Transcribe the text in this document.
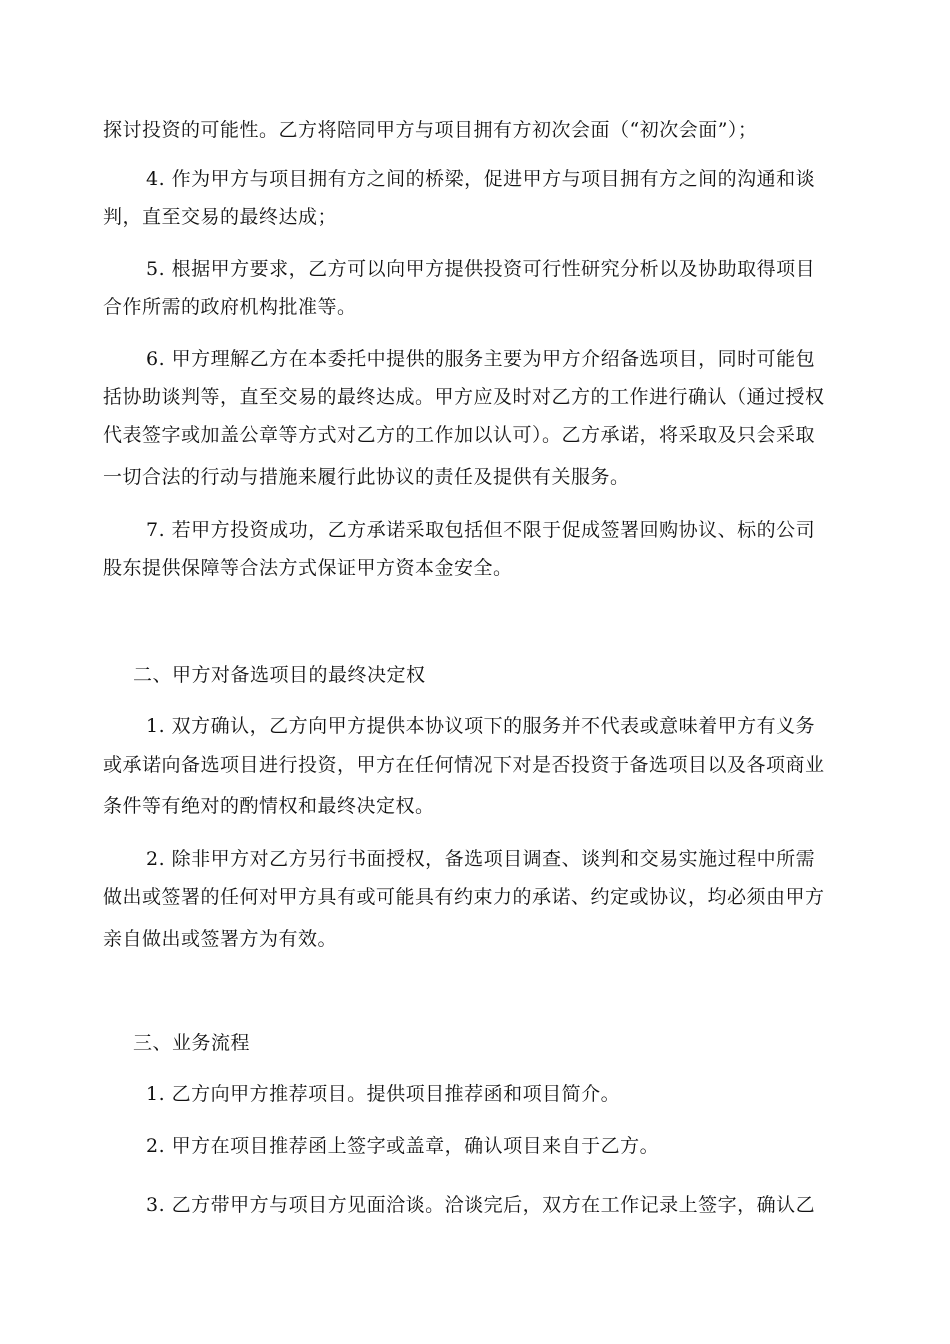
探讨投资的可能性。乙方将陪同甲方与项目拥有方初次会面（“初次会面”）；
4. 作为甲方与项目拥有方之间的桥梁，促进甲方与项目拥有方之间的沟通和谈
判，直至交易的最终达成；
5. 根据甲方要求，乙方可以向甲方提供投资可行性研究分析以及协助取得项目
合作所需的政府机构批准等。
6. 甲方理解乙方在本委托中提供的服务主要为甲方介绍备选项目，同时可能包
括协助谈判等，直至交易的最终达成。甲方应及时对乙方的工作进行确认（通过授权
代表签字或加盖公章等方式对乙方的工作加以认可）。乙方承诺，将采取及只会采取
一切合法的行动与措施来履行此协议的责任及提供有关服务。
7. 若甲方投资成功，乙方承诺采取包括但不限于促成签署回购协议、标的公司
股东提供保障等合法方式保证甲方资本金安全。
二、甲方对备选项目的最终决定权
1. 双方确认，乙方向甲方提供本协议项下的服务并不代表或意味着甲方有义务
或承诺向备选项目进行投资，甲方在任何情况下对是否投资于备选项目以及各项商业
条件等有绝对的酌情权和最终决定权。
2. 除非甲方对乙方另行书面授权，备选项目调查、谈判和交易实施过程中所需
做出或签署的任何对甲方具有或可能具有约束力的承诺、约定或协议，均必须由甲方
亲自做出或签署方为有效。
三、业务流程
1. 乙方向甲方推荐项目。提供项目推荐函和项目简介。
2. 甲方在项目推荐函上签字或盖章，确认项目来自于乙方。
3. 乙方带甲方与项目方见面洽谈。洽谈完后，双方在工作记录上签字，确认乙
